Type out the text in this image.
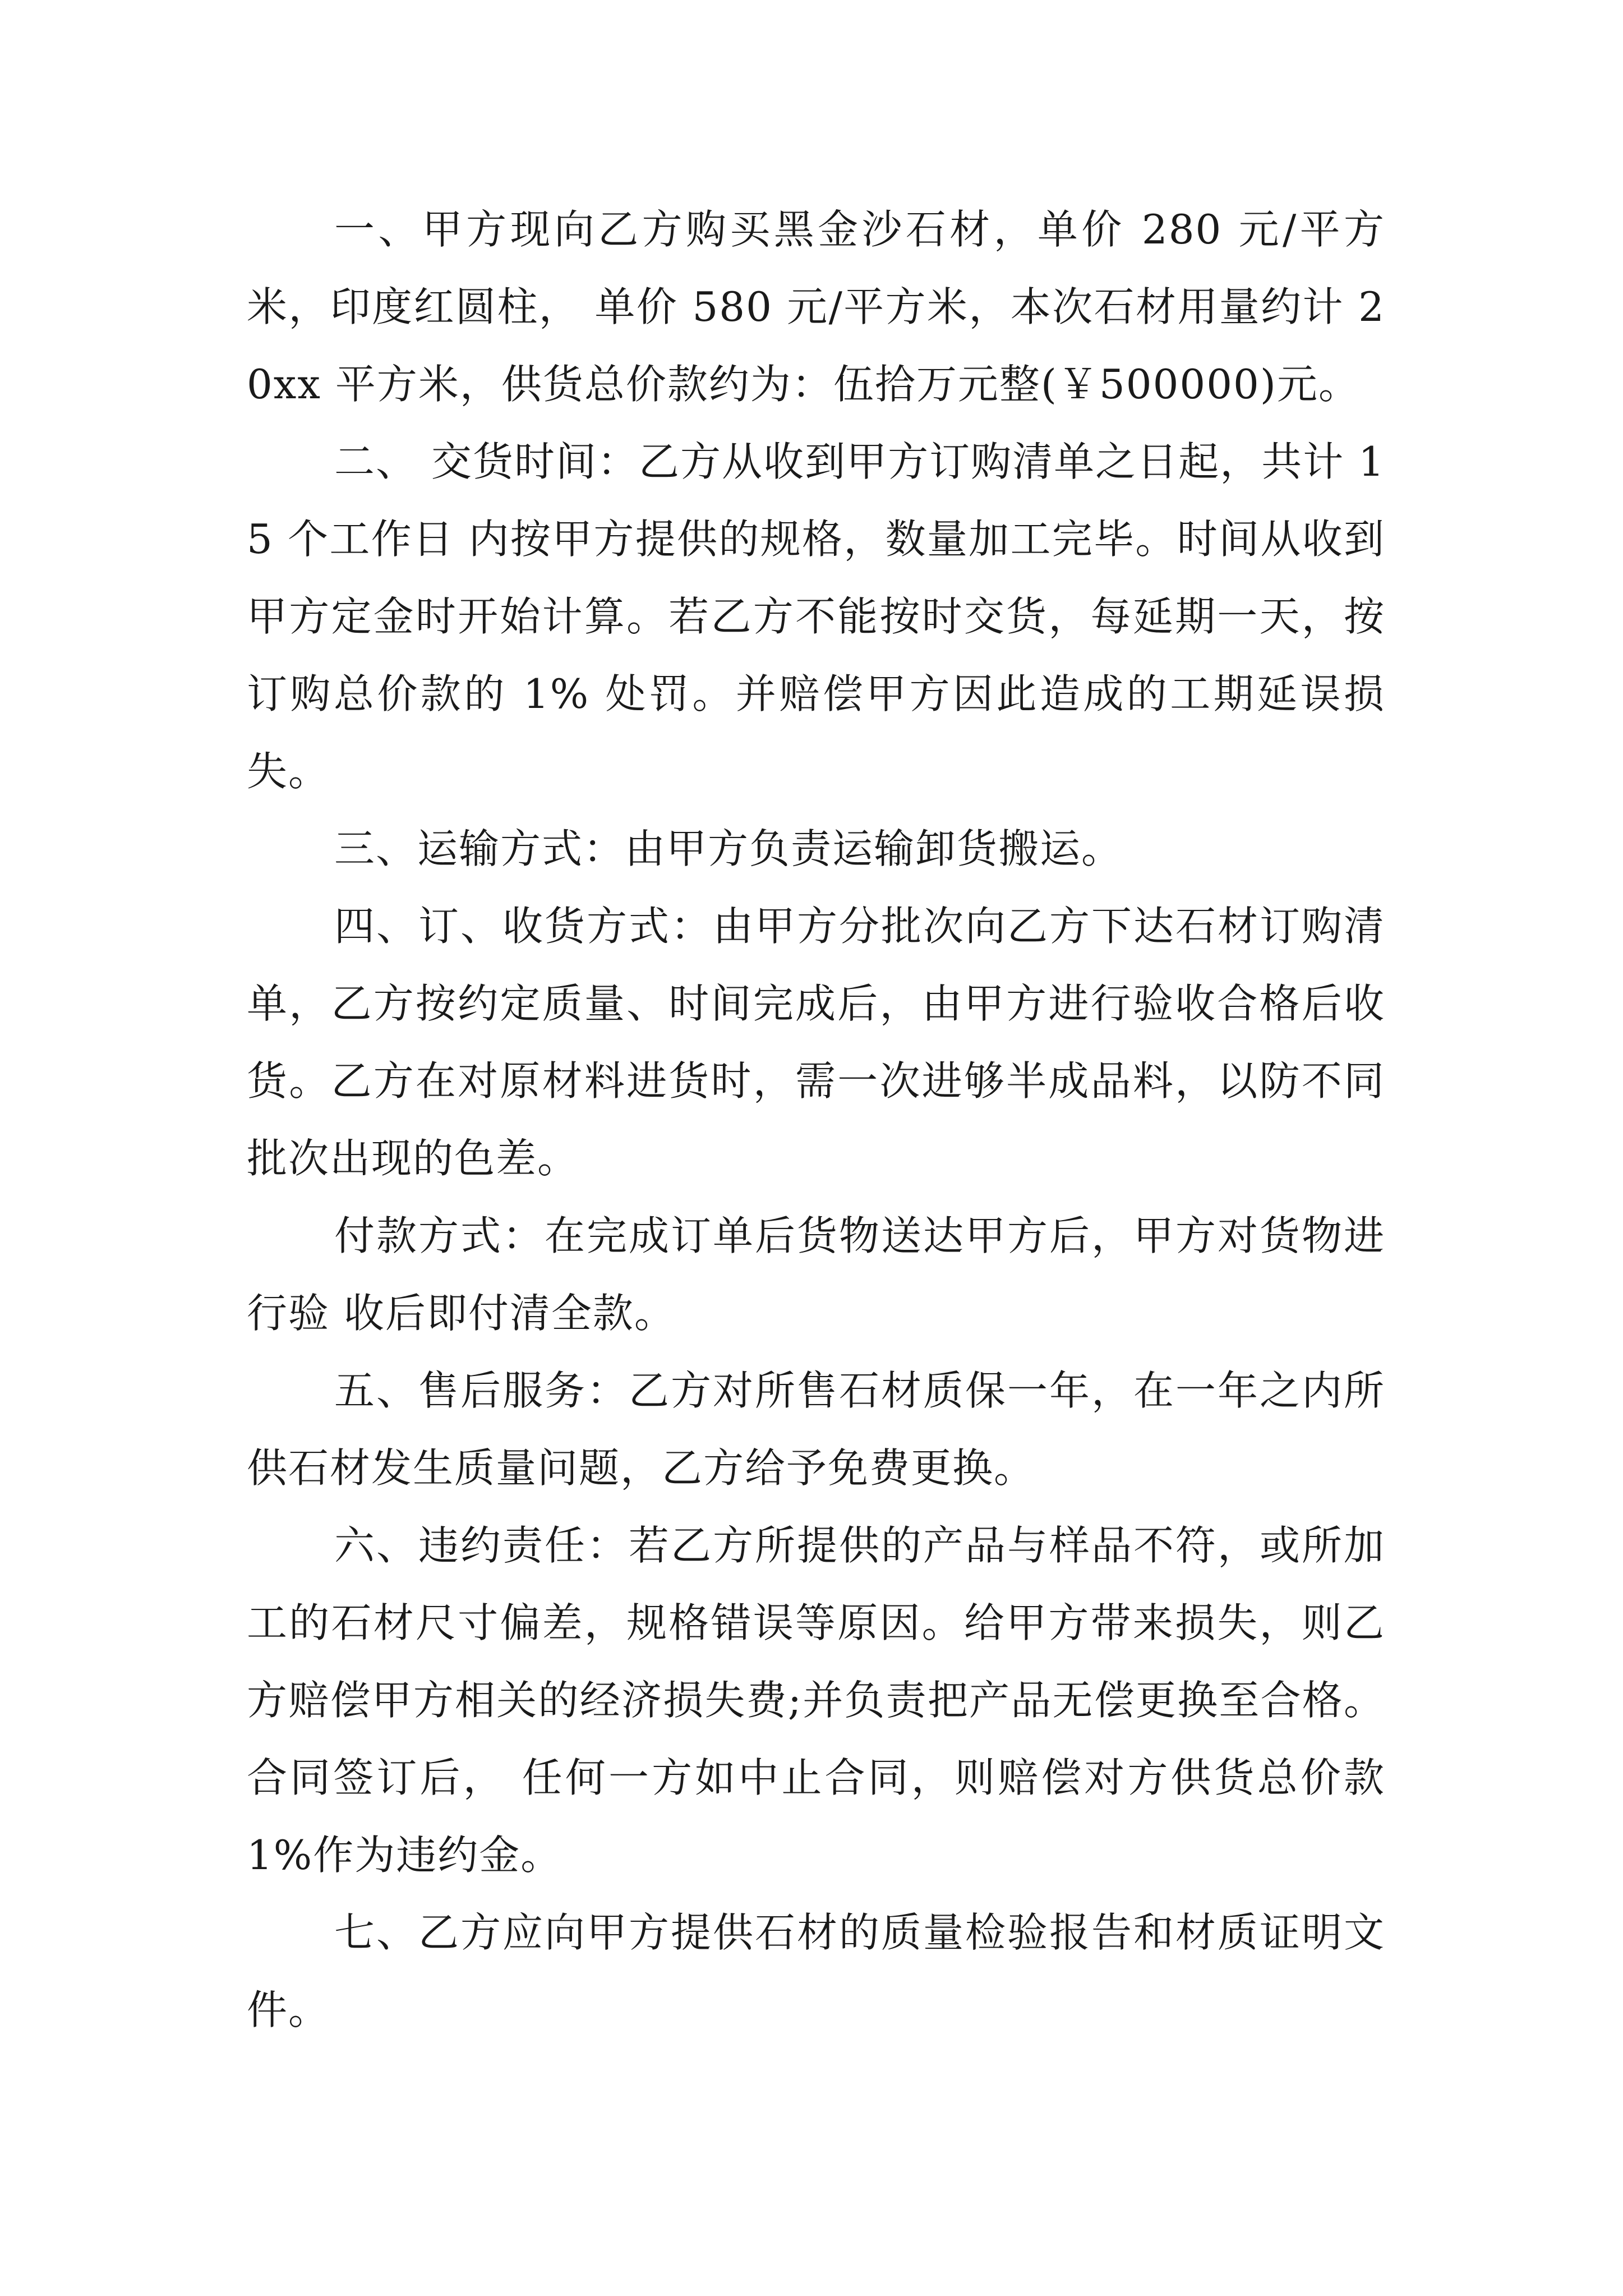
一、甲方现向乙方购买黑金沙石材，单价 280 元/平方米，印度红圆柱， 单价 580 元/平方米，本次石材用量约计 20xx 平方米，供货总价款约为：伍拾万元整(￥500000)元。

二、 交货时间：乙方从收到甲方订购清单之日起，共计 15 个工作日 内按甲方提供的规格，数量加工完毕。时间从收到甲方定金时开始计算。若乙方不能按时交货，每延期一天，按订购总价款的 1% 处罚。并赔偿甲方因此造成的工期延误损失。

三、运输方式：由甲方负责运输卸货搬运。

四、订、收货方式：由甲方分批次向乙方下达石材订购清单，乙方按约定质量、时间完成后，由甲方进行验收合格后收货。乙方在对原材料进货时，需一次进够半成品料，以防不同批次出现的色差。

付款方式：在完成订单后货物送达甲方后，甲方对货物进行验 收后即付清全款。

五、售后服务：乙方对所售石材质保一年，在一年之内所供石材发生质量问题，乙方给予免费更换。

六、违约责任：若乙方所提供的产品与样品不符，或所加工的石材尺寸偏差，规格错误等原因。给甲方带来损失，则乙方赔偿甲方相关的经济损失费;并负责把产品无偿更换至合格。合同签订后， 任何一方如中止合同，则赔偿对方供货总价款 1%作为违约金。

七、乙方应向甲方提供石材的质量检验报告和材质证明文件。
